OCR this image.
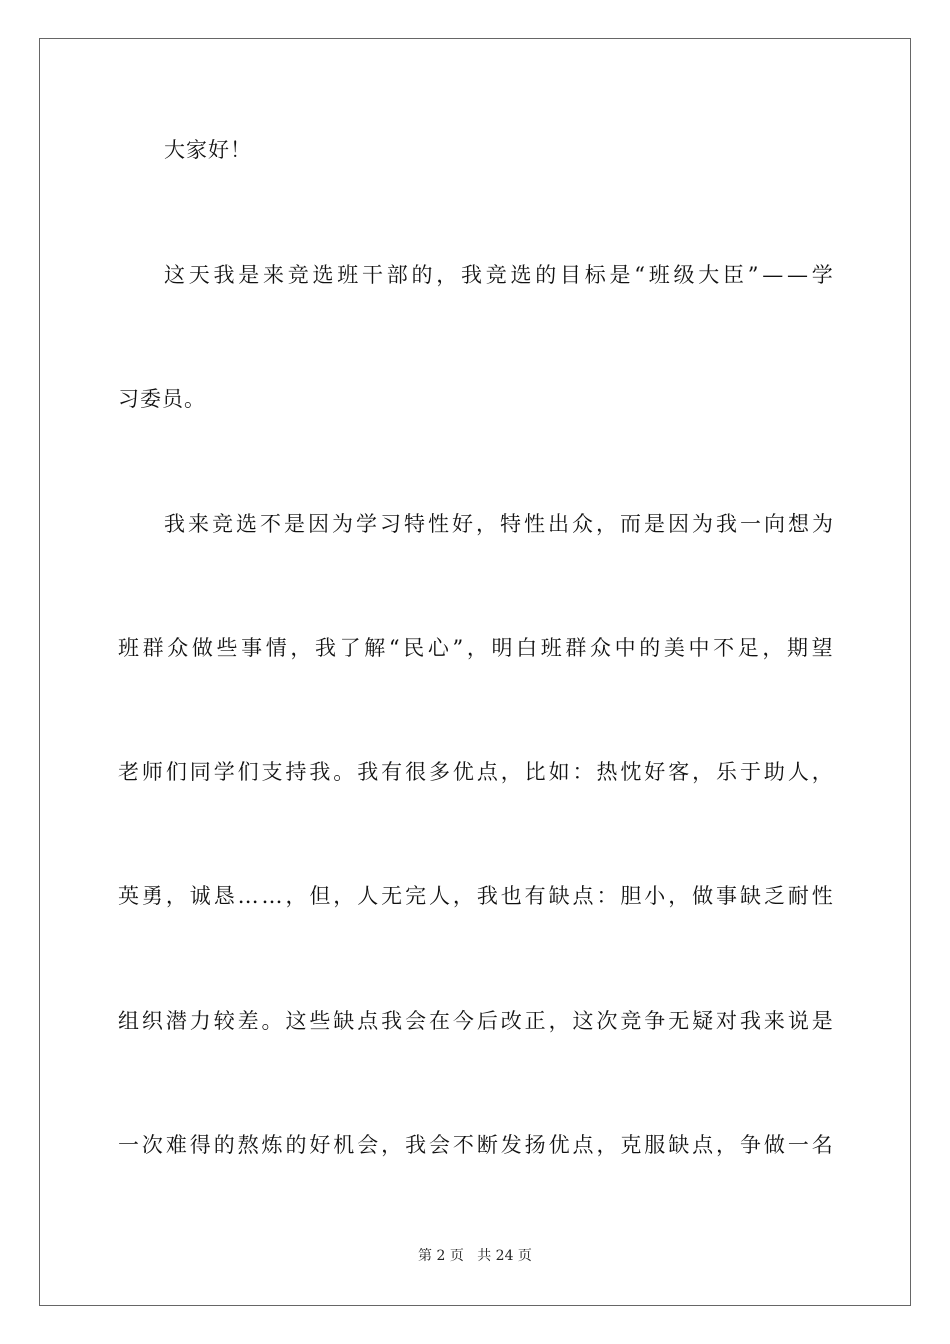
大家好！
这 天 我 是 来 竞 选 班 干 部 的 ， 我 竞 选 的 目 标 是 “ 班 级 大 臣 ” — — 学
习委员。
我 来 竞 选 不 是 因 为 学 习 特 性 好 ， 特 性 出 众 ， 而 是 因 为 我 一 向 想 为
班 群 众 做 些 事 情 ， 我 了 解 “ 民 心 ” ， 明 白 班 群 众 中 的 美 中 不 足 ， 期 望
老 师 们 同 学 们 支 持 我 。 我 有 很 多 优 点 ， 比 如 ： 热 忱 好 客 ， 乐 于 助 人 ，
英 勇 ， 诚 恳 … … ， 但 ， 人 无 完 人 ， 我 也 有 缺 点 ： 胆 小 ， 做 事 缺 乏 耐 性
组 织 潜 力 较 差 。 这 些 缺 点 我 会 在 今 后 改 正 ， 这 次 竞 争 无 疑 对 我 来 说 是
一 次 难 得 的 熬 炼 的 好 机 会 ， 我 会 不 断 发 扬 优 点 ， 克 服 缺 点 ， 争 做 一 名
第 2 页 共 24 页
